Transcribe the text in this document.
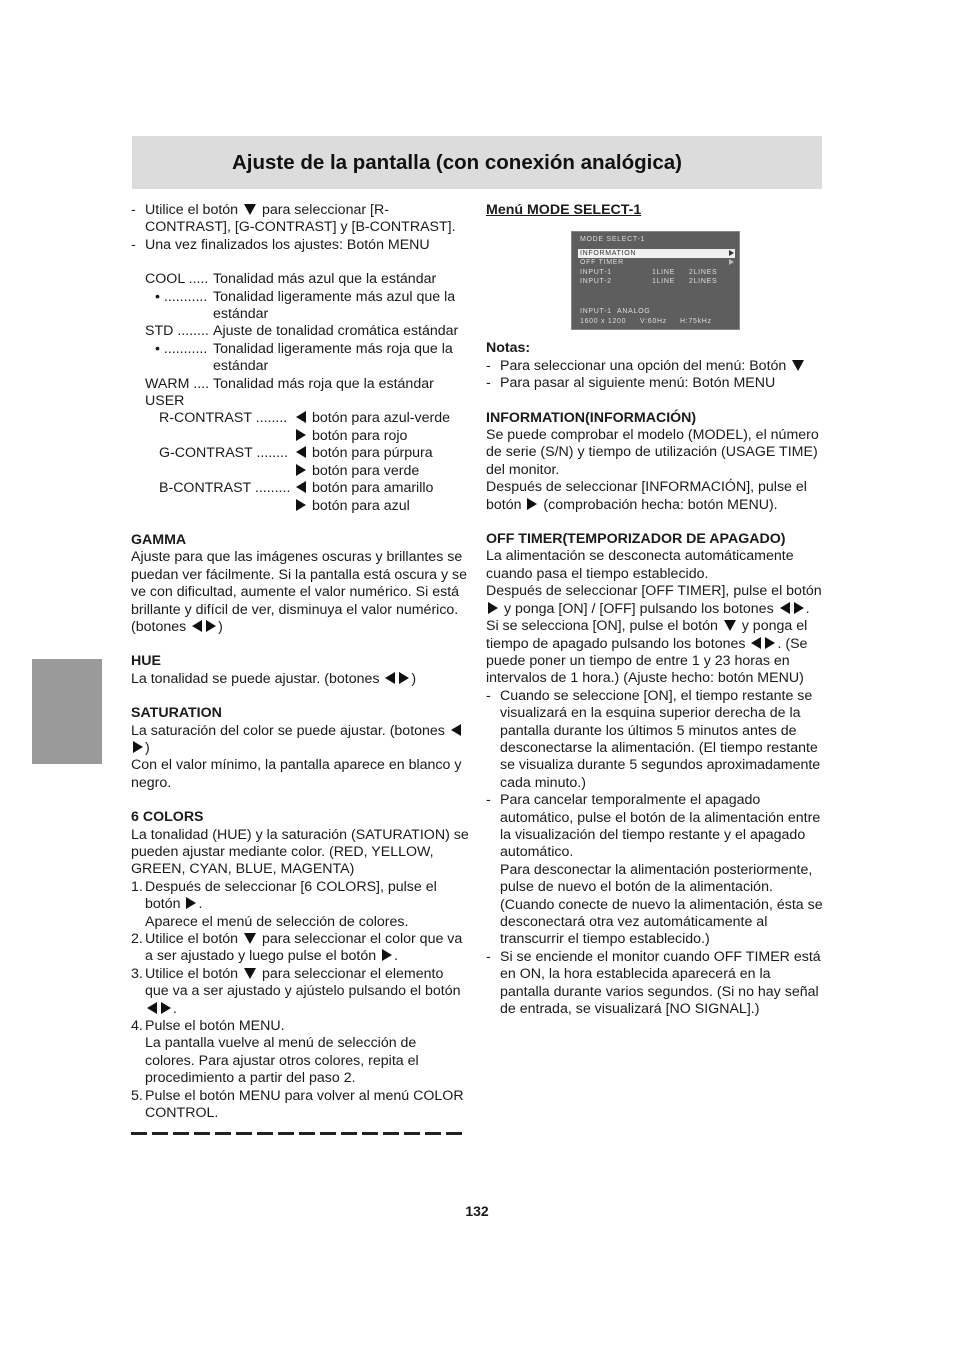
Ajuste de la pantalla (con conexión analógica)
- Utilice el botón para seleccionar [R-CONTRAST], [G-CONTRAST] y [B-CONTRAST].
- Una vez finalizados los ajustes: Botón MENU
COOL ..... Tonalidad más azul que la estándar
• ........... Tonalidad ligeramente más azul que la estándar
STD ........ Ajuste de tonalidad cromática estándar
• ........... Tonalidad ligeramente más roja que la estándar
WARM .... Tonalidad más roja que la estándar
USER
R-CONTRAST ........	botón para azul-verde
botón para rojo
G-CONTRAST ........	botón para púrpura
botón para verde
B-CONTRAST .........	botón para amarillo
botón para azul

GAMMA

Ajuste para que las imágenes oscuras y brillantes se puedan ver fácilmente. Si la pantalla está oscura y se ve con dificultad, aumente el valor numérico. Si está brillante y difícil de ver, disminuya el valor numérico. (botones )

HUE

La tonalidad se puede ajustar. (botones )

SATURATION

La saturación del color se puede ajustar. (botones )

Con el valor mínimo, la pantalla aparece en blanco y negro.

6 COLORS

La tonalidad (HUE) y la saturación (SATURATION) se pueden ajustar mediante color. (RED, YELLOW, GREEN, CYAN, BLUE, MAGENTA)

1. Después de seleccionar [6 COLORS], pulse el botón .
Aparece el menú de selección de colores.
2. Utilice el botón para seleccionar el color que va a ser ajustado y luego pulse el botón .
3. Utilice el botón para seleccionar el elemento que va a ser ajustado y ajústelo pulsando el botón .
4. Pulse el botón MENU.
La pantalla vuelve al menú de selección de colores. Para ajustar otros colores, repita el procedimiento a partir del paso 2.
5. Pulse el botón MENU para volver al menú COLOR CONTROL.

Menú MODE SELECT-1

MODE SELECT-1
INFORMATION
OFF TIMER
INPUT-1	1LINE 2LINES
INPUT-2	1LINE 2LINES
INPUT-1 ANALOG
1600 x 1200 V:60Hz H:75kHz

Notas:

- Para seleccionar una opción del menú: Botón
- Para pasar al siguiente menú: Botón MENU

INFORMATION(INFORMACIÓN)

Se puede comprobar el modelo (MODEL), el número de serie (S/N) y tiempo de utilización (USAGE TIME) del monitor.

Después de seleccionar [INFORMACIÓN], pulse el botón (comprobación hecha: botón MENU).

OFF TIMER(TEMPORIZADOR DE APAGADO)

La alimentación se desconecta automáticamente cuando pasa el tiempo establecido.

Después de seleccionar [OFF TIMER], pulse el botón  y ponga [ON] / [OFF] pulsando los botones .

Si se selecciona [ON], pulse el botón y ponga el tiempo de apagado pulsando los botones . (Se puede poner un tiempo de entre 1 y 23 horas en intervalos de 1 hora.) (Ajuste hecho: botón MENU)

- Cuando se seleccione [ON], el tiempo restante se visualizará en la esquina superior derecha de la pantalla durante los últimos 5 minutos antes de desconectarse la alimentación. (El tiempo restante se visualiza durante 5 segundos aproximadamente cada minuto.)
- Para cancelar temporalmente el apagado automático, pulse el botón de la alimentación entre la visualización del tiempo restante y el apagado automático.
Para desconectar la alimentación posteriormente, pulse de nuevo el botón de la alimentación. (Cuando conecte de nuevo la alimentación, ésta se desconectará otra vez automáticamente al transcurrir el tiempo establecido.)
- Si se enciende el monitor cuando OFF TIMER está en ON, la hora establecida aparecerá en la pantalla durante varios segundos. (Si no hay señal de entrada, se visualizará [NO SIGNAL].)
132
